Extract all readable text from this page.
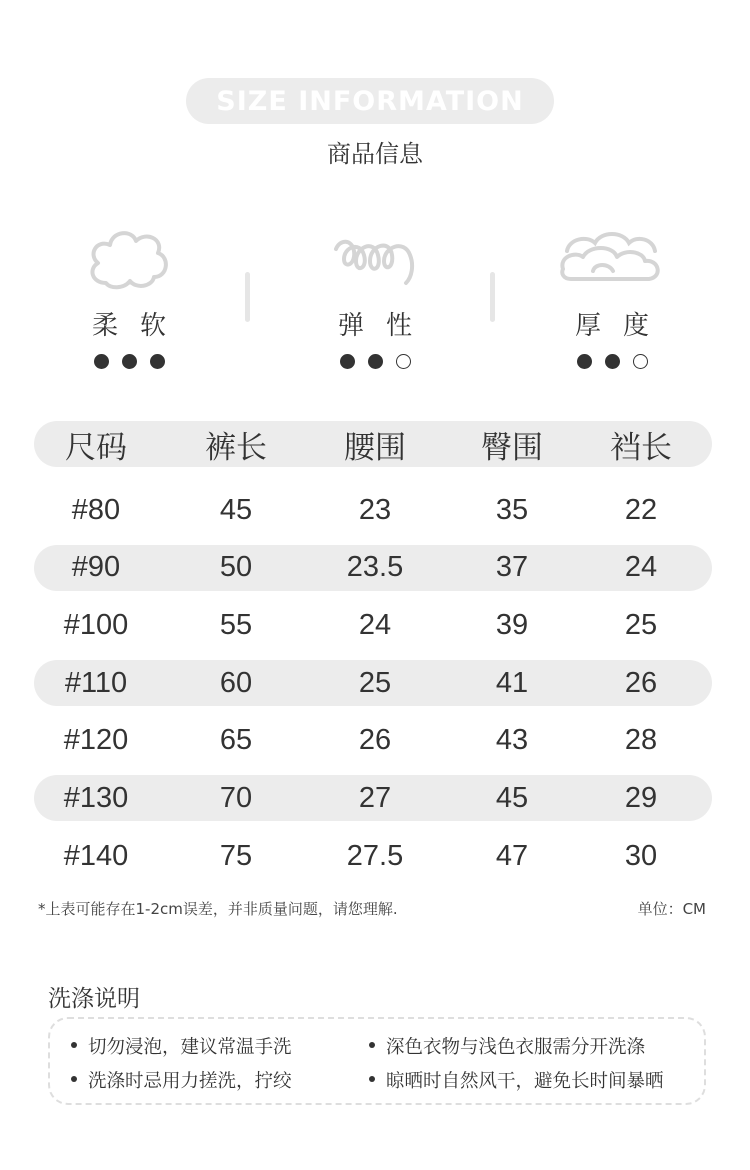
SIZE INFORMATION
商品信息
柔软	弹性	厚度
尺码	裤长 腰围 臀围 裆长
#80	45	23	35	22
#90	50	23.5	37	24
#100	55	24	39	25
#110	60	25	41	26
#120	65	26	43	28
#130	70	27	45	29
#140	75	27.5	47	30
*上表可能存在1-2cm误差，并非质量问题，请您理解.	单位：CM
洗涤说明
切勿浸泡，建议常温手洗	深色衣物与浅色衣服需分开洗涤
洗涤时忌用力搓洗，拧绞	晾晒时自然风干，避免长时间暴晒
